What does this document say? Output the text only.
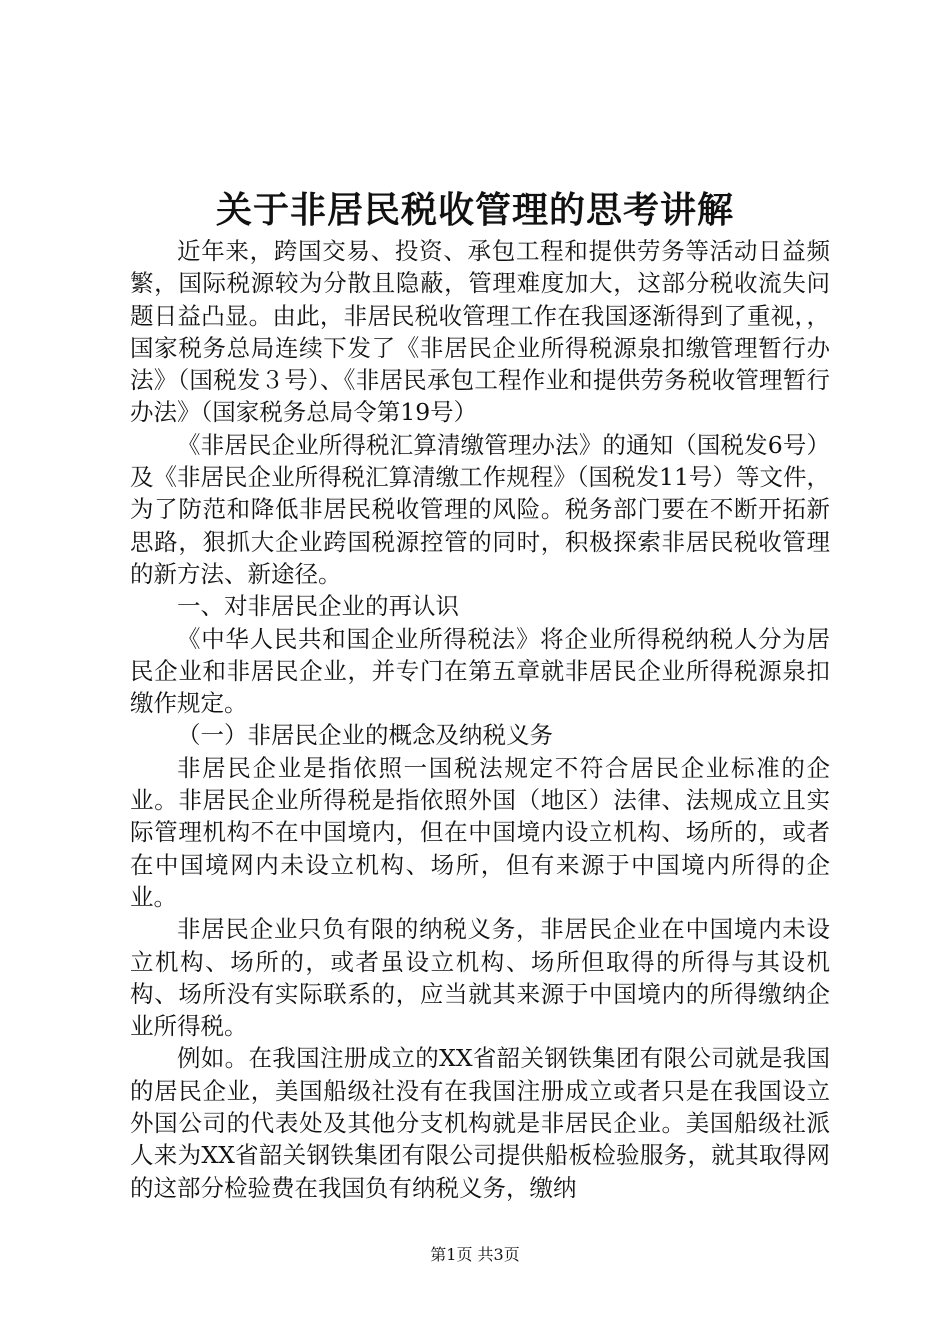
关于非居民税收管理的思考讲解

近年来，跨国交易、投资、承包工程和提供劳务等活动日益频繁，国际税源较为分散且隐蔽，管理难度加大，这部分税收流失问题日益凸显。由此，非居民税收管理工作在我国逐渐得到了重视，，国家税务总局连续下发了《非居民企业所得税源泉扣缴管理暂行办法》（国税发３号）、《非居民承包工程作业和提供劳务税收管理暂行办法》（国家税务总局令第19号）

《非居民企业所得税汇算清缴管理办法》的通知（国税发6号）及《非居民企业所得税汇算清缴工作规程》（国税发11号）等文件，为了防范和降低非居民税收管理的风险。税务部门要在不断开拓新思路，狠抓大企业跨国税源控管的同时，积极探索非居民税收管理的新方法、新途径。

一、对非居民企业的再认识

《中华人民共和国企业所得税法》将企业所得税纳税人分为居民企业和非居民企业，并专门在第五章就非居民企业所得税源泉扣缴作规定。

（一）非居民企业的概念及纳税义务

非居民企业是指依照一国税法规定不符合居民企业标准的企业。非居民企业所得税是指依照外国（地区）法律、法规成立且实际管理机构不在中国境内，但在中国境内设立机构、场所的，或者在中国境网内未设立机构、场所，但有来源于中国境内所得的企业。

非居民企业只负有限的纳税义务，非居民企业在中国境内未设立机构、场所的，或者虽设立机构、场所但取得的所得与其设机构、场所没有实际联系的，应当就其来源于中国境内的所得缴纳企业所得税。

例如。在我国注册成立的XX省韶关钢铁集团有限公司就是我国的居民企业，美国船级社没有在我国注册成立或者只是在我国设立外国公司的代表处及其他分支机构就是非居民企业。美国船级社派人来为XX省韶关钢铁集团有限公司提供船板检验服务，就其取得网的这部分检验费在我国负有纳税义务，缴纳

第1页 共3页
